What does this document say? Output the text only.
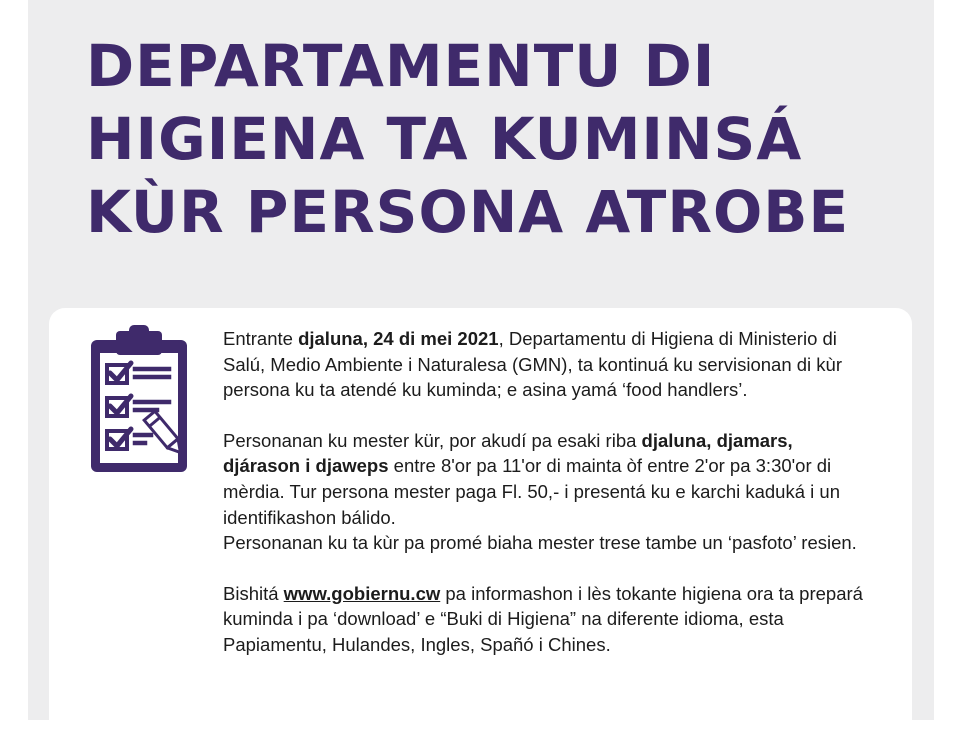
DEPARTAMENTU DI
HIGIENA TA KUMINSÁ
KÙR PERSONA ATROBE

Entrante djaluna, 24 di mei 2021, Departamentu di Higiena di Ministerio di Salú, Medio Ambiente i Naturalesa (GMN), ta kontinuá ku servisionan di kùr persona ku ta atendé ku kuminda; e asina yamá ‘food handlers’.

Personanan ku mester kür, por akudí pa esaki riba djaluna, djamars, djárason i djaweps entre 8'or pa 11'or di mainta òf entre 2'or pa 3:30'or di mèrdia. Tur persona mester paga Fl. 50,- i presentá ku e karchi kaduká i un identifikashon bálido.

Personanan ku ta kùr pa promé biaha mester trese tambe un ‘pasfoto’ resien.

Bishitá www.gobiernu.cw pa informashon i lès tokante higiena ora ta prepará kuminda i pa ‘download’ e “Buki di Higiena” na diferente idioma, esta Papiamentu, Hulandes, Ingles, Spañó i Chines.
